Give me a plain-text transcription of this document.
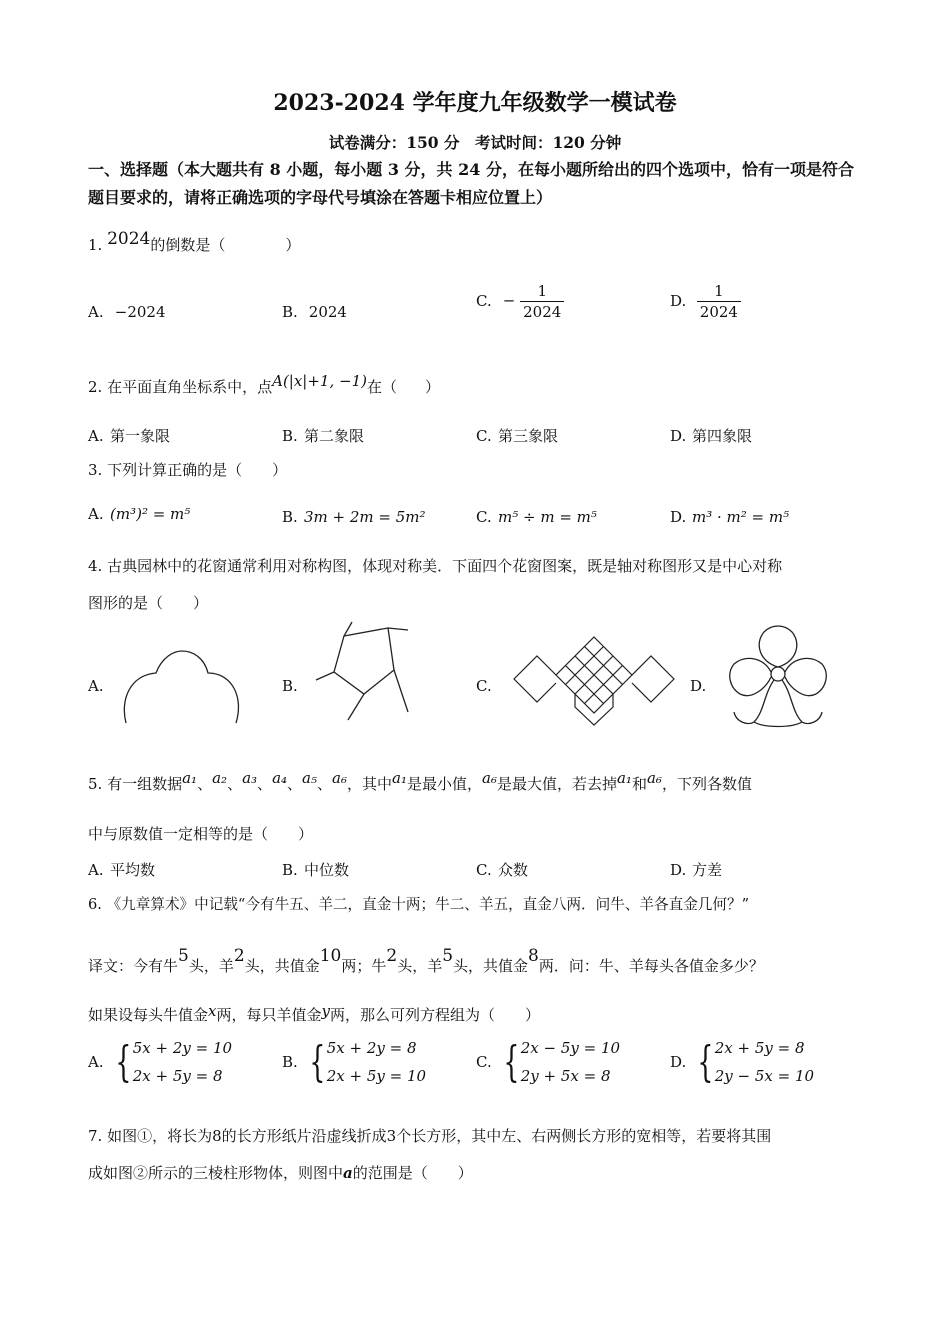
2023-2024 学年度九年级数学一模试卷
试卷满分：150 分　考试时间：120 分钟
一、选择题（本大题共有 8 小题，每小题 3 分，共 24 分，在每小题所给出的四个选项中，恰有一项是符合题目要求的，请将正确选项的字母代号填涂在答题卡相应位置上）
1. 2024的倒数是（	）
A. −2024	B. 2024
C. − $\frac{1}{2024}$	D. $\frac{1}{2024}$
2. 在平面直角坐标系中，点A(|x|+1, −1)在（ ）
A. 第一象限	B. 第二象限	C. 第三象限	D. 第四象限
3. 下列计算正确的是（　　）
A. (m³)² = m⁵	B. 3m + 2m = 5m²	C. m⁵ ÷ m = m⁵	D. m³ · m² = m⁵
4. 古典园林中的花窗通常利用对称构图，体现对称美．下面四个花窗图案，既是轴对称图形又是中心对称
图形的是（　　）
A.	B.	C.	D.
5. 有一组数据a₁、a₂、a₃、a₄、a₅、a₆，其中a₁是最小值，a₆是最大值，若去掉a₁和a₆，下列各数值
中与原数值一定相等的是（　　）
A. 平均数	B. 中位数	C. 众数	D. 方差
6. 《九章算术》中记载“今有牛五、羊二，直金十两；牛二、羊五，直金八两．问牛、羊各直金几何？”
译文：今有牛5头，羊2头，共值金10两；牛2头，羊5头，共值金8两．问：牛、羊每头各值金多少？
如果设每头牛值金x两，每只羊值金y两，那么可列方程组为（　　）
A. {5x + 2y = 10
2x + 5y = 8
B. {5x + 2y = 8
2x + 5y = 10
C. {2x − 5y = 10
2y + 5x = 8
D. {2x + 5y = 8
2y − 5x = 10
7. 如图①，将长为8的长方形纸片沿虚线折成3个长方形，其中左、右两侧长方形的宽相等，若要将其围
成如图②所示的三棱柱形物体，则图中a的范围是（　　）
